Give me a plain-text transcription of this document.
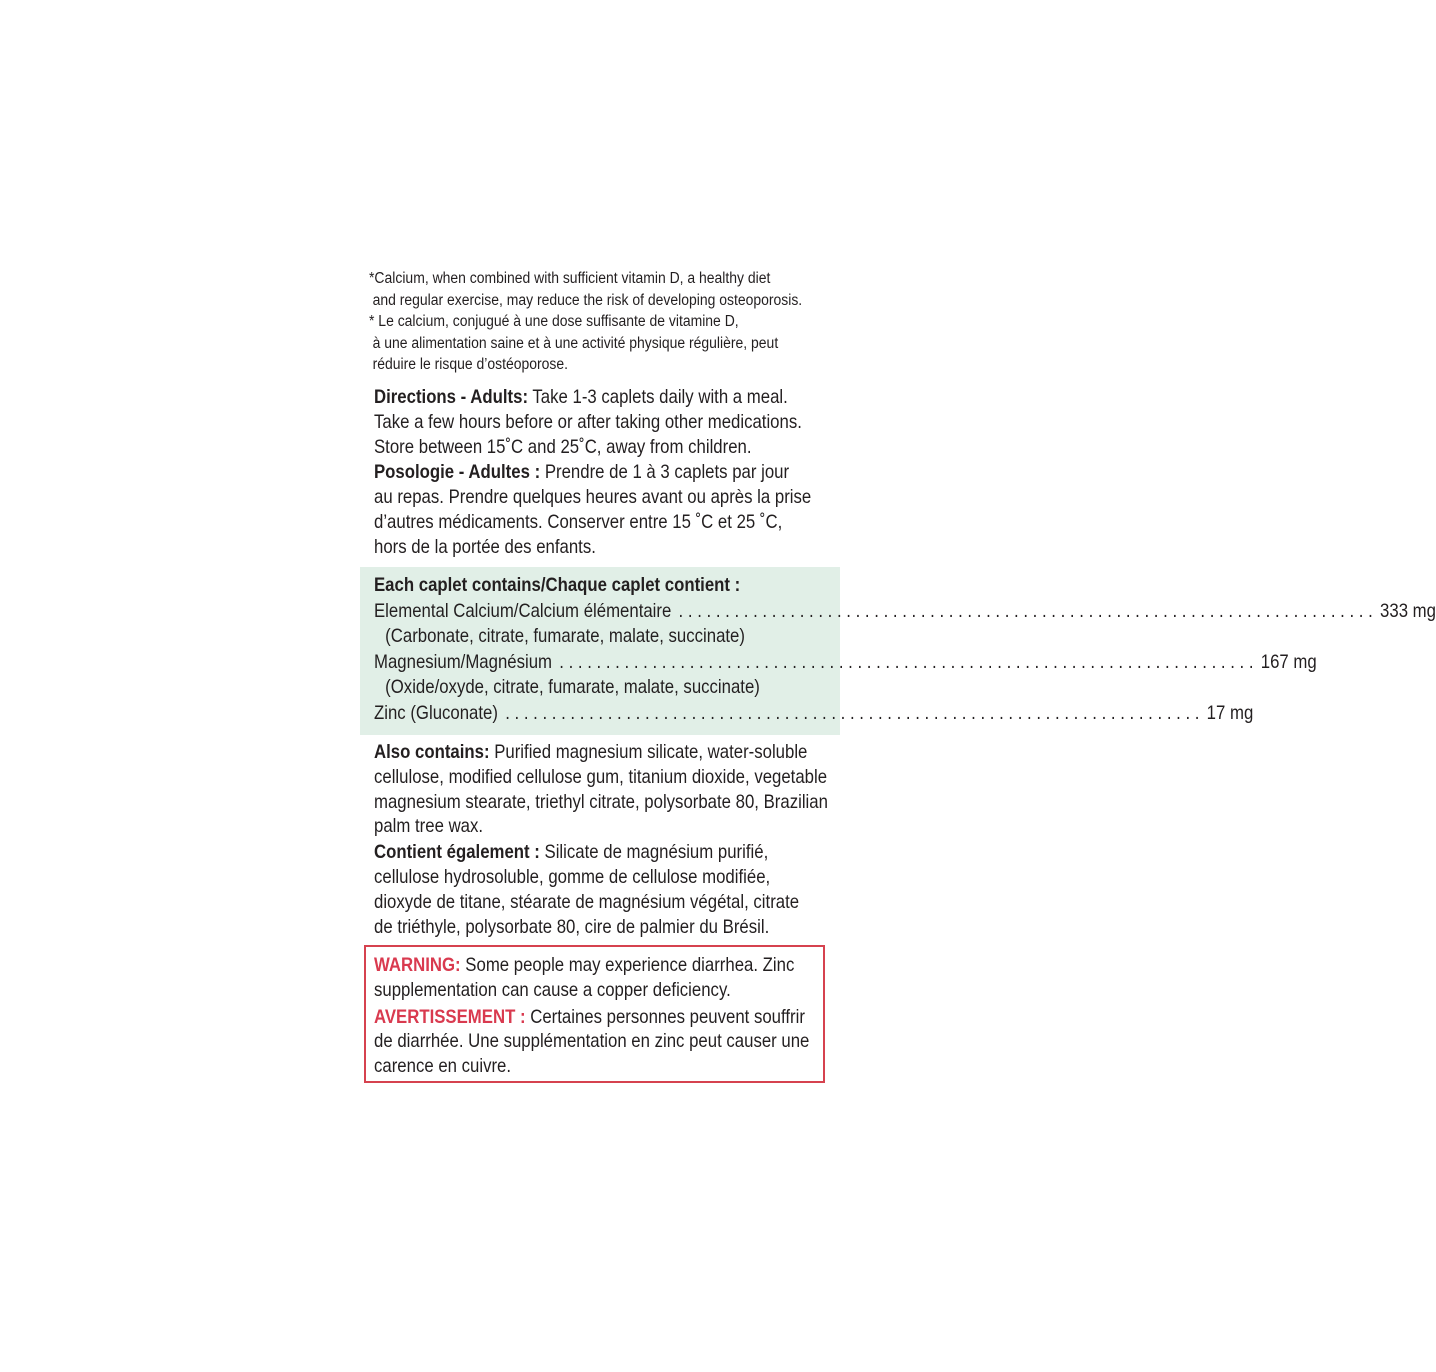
*Calcium, when combined with sufficient vitamin D, a healthy diet
and regular exercise, may reduce the risk of developing osteoporosis.
* Le calcium, conjugué à une dose suffisante de vitamine D,
à une alimentation saine et à une activité physique régulière, peut
réduire le risque d’ostéoporose.
Directions - Adults: Take 1-3 caplets daily with a meal.
Take a few hours before or after taking other medications.
Store between 15˚C and 25˚C, away from children.
Posologie - Adultes : Prendre de 1 à 3 caplets par jour
au repas. Prendre quelques heures avant ou après la prise
d’autres médicaments. Conserver entre 15 ˚C et 25 ˚C,
hors de la portée des enfants.
Each caplet contains/Chaque caplet contient :
Elemental Calcium/Calcium élémentaire . . .	333 mg
(Carbonate, citrate, fumarate, malate, succinate)
Magnesium/Magnésium . . .	167 mg
(Oxide/oxyde, citrate, fumarate, malate, succinate)
Zinc (Gluconate) . . .	17 mg
Also contains: Purified magnesium silicate, water-soluble
cellulose, modified cellulose gum, titanium dioxide, vegetable
magnesium stearate, triethyl citrate, polysorbate 80, Brazilian
palm tree wax.
Contient également : Silicate de magnésium purifié,
cellulose hydrosoluble, gomme de cellulose modifiée,
dioxyde de titane, stéarate de magnésium végétal, citrate
de triéthyle, polysorbate 80, cire de palmier du Brésil.
WARNING: Some people may experience diarrhea. Zinc
supplementation can cause a copper deficiency.
AVERTISSEMENT : Certaines personnes peuvent souffrir
de diarrhée. Une supplémentation en zinc peut causer une
carence en cuivre.
